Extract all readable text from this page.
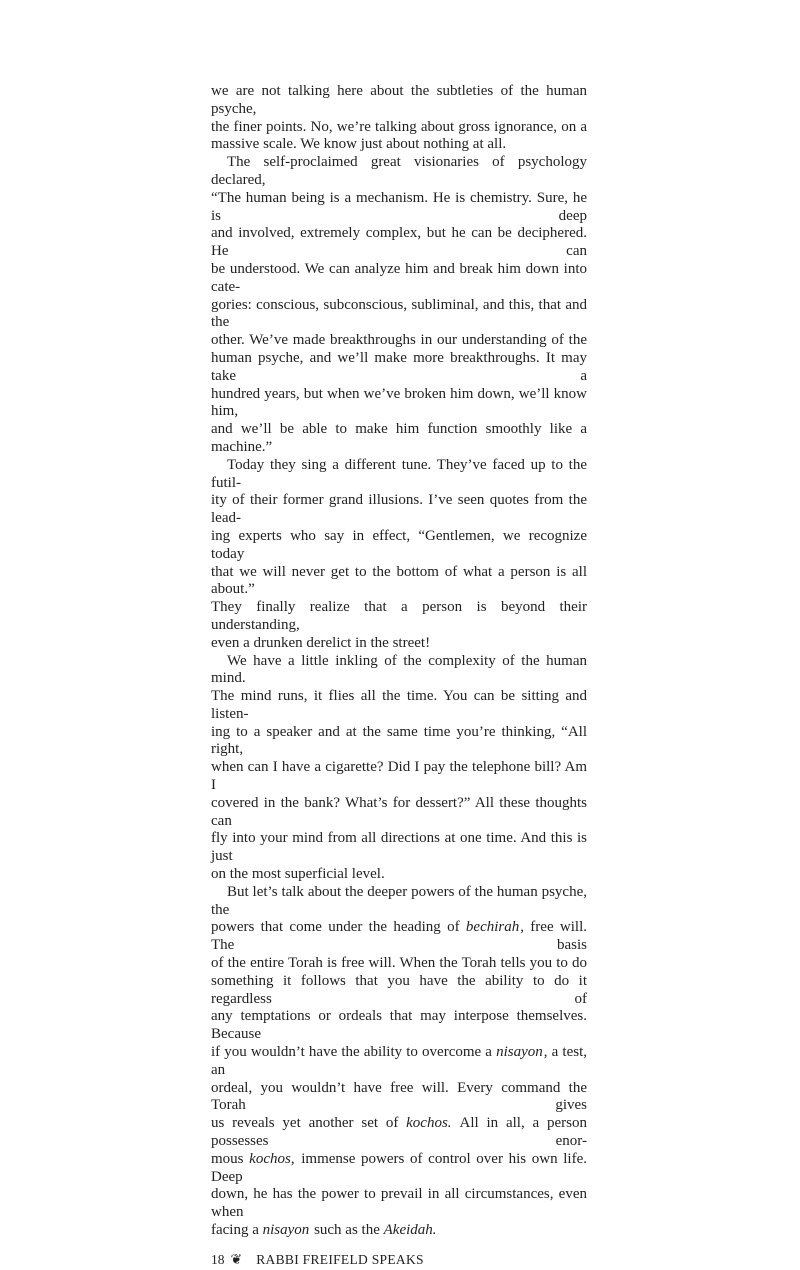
we are not talking here about the subtleties of the human psyche,
the finer points. No, we’re talking about gross ignorance, on a
massive scale. We know just about nothing at all.
The self-proclaimed great visionaries of psychology declared,
“The human being is a mechanism. He is chemistry. Sure, he is deep
and involved, extremely complex, but he can be deciphered. He can
be understood. We can analyze him and break him down into cate-
gories: conscious, subconscious, subliminal, and this, that and the
other. We’ve made breakthroughs in our understanding of the
human psyche, and we’ll make more breakthroughs. It may take a
hundred years, but when we’ve broken him down, we’ll know him,
and we’ll be able to make him function smoothly like a machine.”
Today they sing a different tune. They’ve faced up to the futil-
ity of their former grand illusions. I’ve seen quotes from the lead-
ing experts who say in effect, “Gentlemen, we recognize today
that we will never get to the bottom of what a person is all about.”
They finally realize that a person is beyond their understanding,
even a drunken derelict in the street!
We have a little inkling of the complexity of the human mind.
The mind runs, it flies all the time. You can be sitting and listen-
ing to a speaker and at the same time you’re thinking, “All right,
when can I have a cigarette? Did I pay the telephone bill? Am I
covered in the bank? What’s for dessert?” All these thoughts can
fly into your mind from all directions at one time. And this is just
on the most superficial level.
But let’s talk about the deeper powers of the human psyche, the
powers that come under the heading of bechirah, free will. The basis
of the entire Torah is free will. When the Torah tells you to do
something it follows that you have the ability to do it regardless of
any temptations or ordeals that may interpose themselves. Because
if you wouldn’t have the ability to overcome a nisayon, a test, an
ordeal, you wouldn’t have free will. Every command the Torah gives
us reveals yet another set of kochos. All in all, a person possesses enor-
mous kochos, immense powers of control over his own life. Deep
down, he has the power to prevail in all circumstances, even when
facing a nisayon such as the Akeidah.
18 ❦ RABBI FREIFELD SPEAKS
